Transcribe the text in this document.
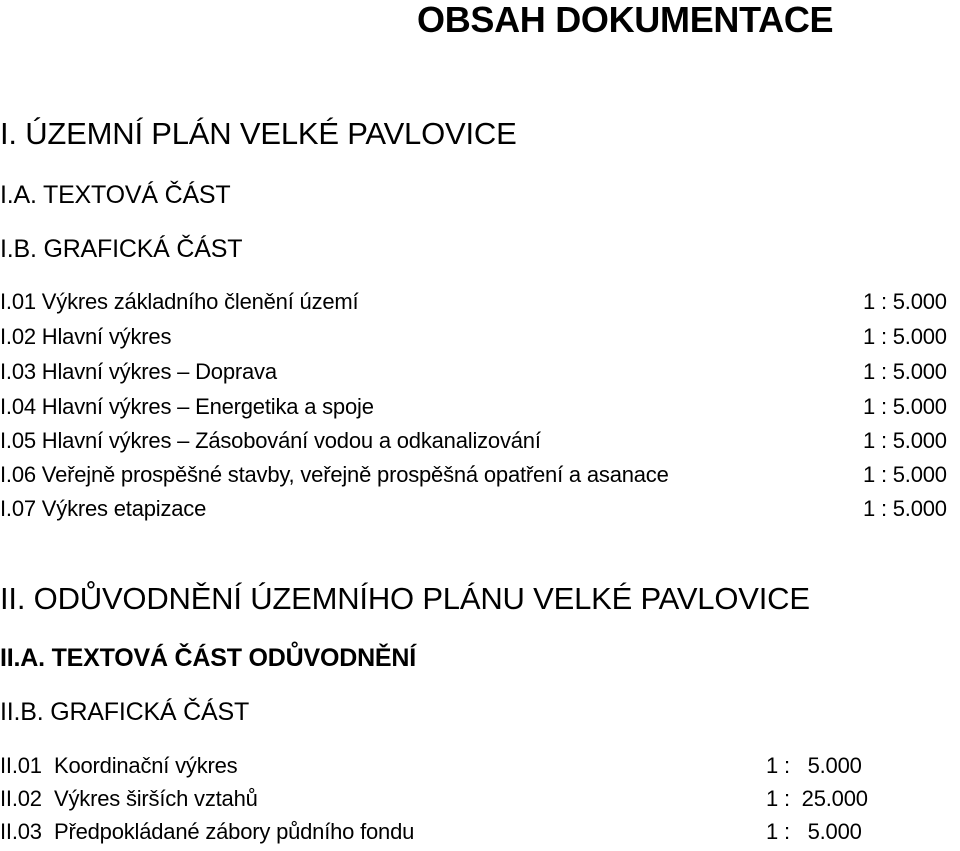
OBSAH DOKUMENTACE
I. ÚZEMNÍ PLÁN VELKÉ PAVLOVICE
I.A. TEXTOVÁ ČÁST
I.B. GRAFICKÁ ČÁST
I.01 Výkres základního členění území	1 : 5.000
I.02 Hlavní výkres	1 : 5.000
I.03 Hlavní výkres – Doprava	1 : 5.000
I.04 Hlavní výkres – Energetika a spoje	1 : 5.000
I.05 Hlavní výkres – Zásobování vodou a odkanalizování	1 : 5.000
I.06 Veřejně prospěšné stavby, veřejně prospěšná opatření a asanace	1 : 5.000
I.07 Výkres etapizace	1 : 5.000
II. ODŮVODNĚNÍ ÚZEMNÍHO PLÁNU VELKÉ PAVLOVICE
II.A. TEXTOVÁ ČÁST ODŮVODNĚNÍ
II.B. GRAFICKÁ ČÁST
II.01 Koordinační výkres	1 :   5.000
II.02 Výkres širších vztahů	1 :  25.000
II.03 Předpokládané zábory půdního fondu	1 :   5.000
